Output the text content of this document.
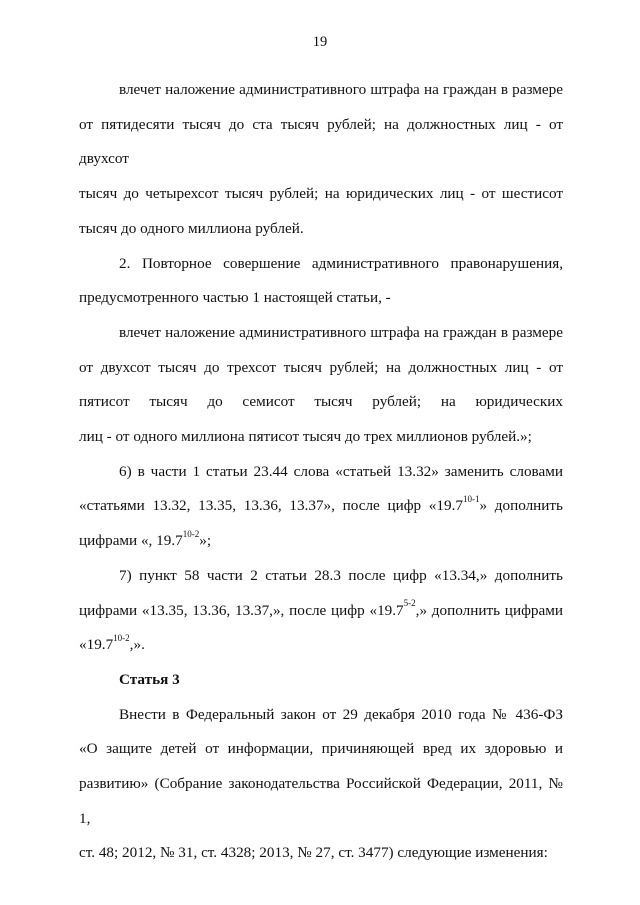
19

влечет наложение административного штрафа на граждан в размере

от пятидесяти тысяч до ста тысяч рублей; на должностных лиц - от двухсот

тысяч до четырехсот тысяч рублей; на юридических лиц - от шестисот

тысяч до одного миллиона рублей.

2. Повторное совершение административного правонарушения,

предусмотренного частью 1 настоящей статьи, -

влечет наложение административного штрафа на граждан в размере

от двухсот тысяч до трехсот тысяч рублей; на должностных лиц - от

пятисот тысяч до семисот тысяч рублей; на юридических

лиц - от одного миллиона пятисот тысяч до трех миллионов рублей.»;

6) в части 1 статьи 23.44 слова «статьей 13.32» заменить словами

«статьями 13.32, 13.35, 13.36, 13.37», после цифр «19.7$^{10-1}$» дополнить

цифрами «, 19.7$^{10-2}$»;

7) пункт 58 части 2 статьи 28.3 после цифр «13.34,» дополнить

цифрами «13.35, 13.36, 13.37,», после цифр «19.7$^{5-2}$,» дополнить цифрами

«19.7$^{10-2}$,».

Статья 3

Внести в Федеральный закон от 29 декабря 2010 года № 436-ФЗ

«О защите детей от информации, причиняющей вред их здоровью и

развитию» (Собрание законодательства Российской Федерации, 2011, № 1,

ст. 48; 2012, № 31, ст. 4328; 2013, № 27, ст. 3477) следующие изменения:
